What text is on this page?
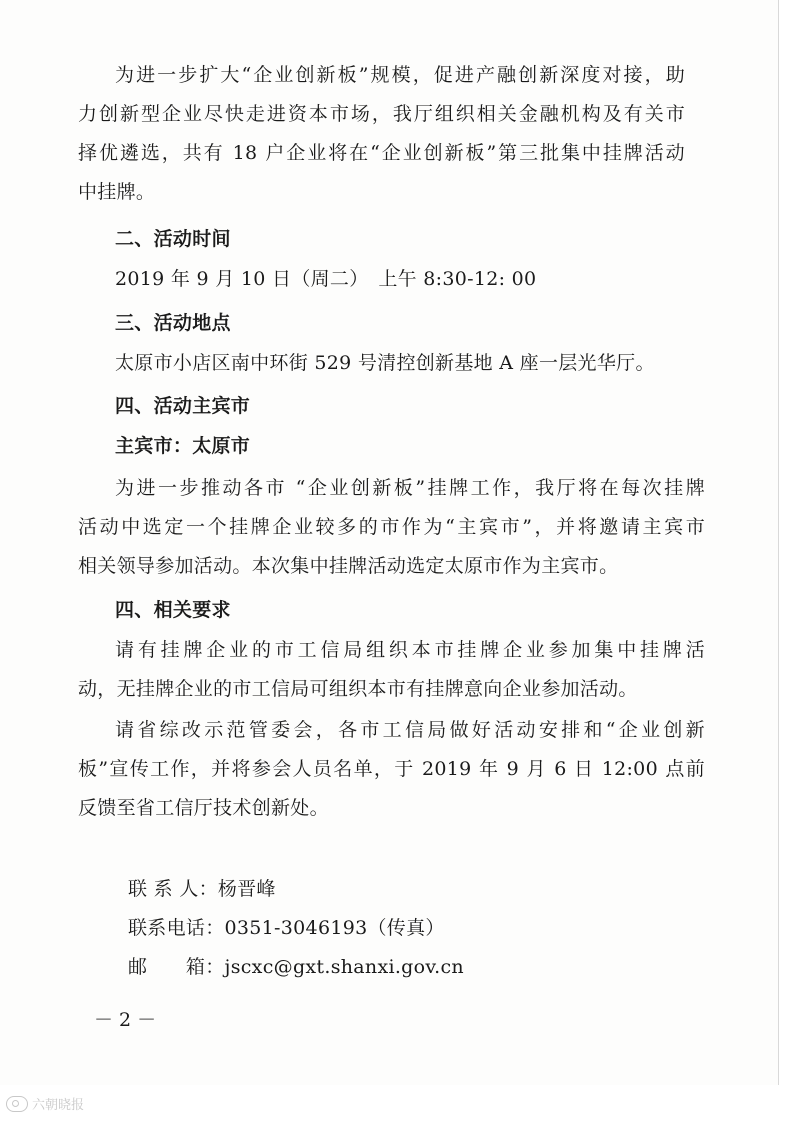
为进一步扩大“企业创新板”规模，促进产融创新深度对接，助
力创新型企业尽快走进资本市场，我厅组织相关金融机构及有关市
择优遴选，共有 18 户企业将在“企业创新板”第三批集中挂牌活动
中挂牌。
二、活动时间
2019 年 9 月 10 日（周二）　上午 8:30-12: 00
三、活动地点
太原市小店区南中环街 529 号清控创新基地 A 座一层光华厅。
四、活动主宾市
主宾市：太原市
为进一步推动各市 “企业创新板”挂牌工作，我厅将在每次挂牌
活动中选定一个挂牌企业较多的市作为“主宾市”，并将邀请主宾市
相关领导参加活动。本次集中挂牌活动选定太原市作为主宾市。
四、相关要求
请有挂牌企业的市工信局组织本市挂牌企业参加集中挂牌活
动，无挂牌企业的市工信局可组织本市有挂牌意向企业参加活动。
请省综改示范管委会，各市工信局做好活动安排和“企业创新
板”宣传工作，并将参会人员名单，于 2019 年 9 月 6 日 12:00 点前
反馈至省工信厅技术创新处。
联 系 人：杨晋峰
联系电话：0351-3046193（传真）
邮　　箱：jscxc@gxt.shanxi.gov.cn
－ 2 －
六朝晓报
